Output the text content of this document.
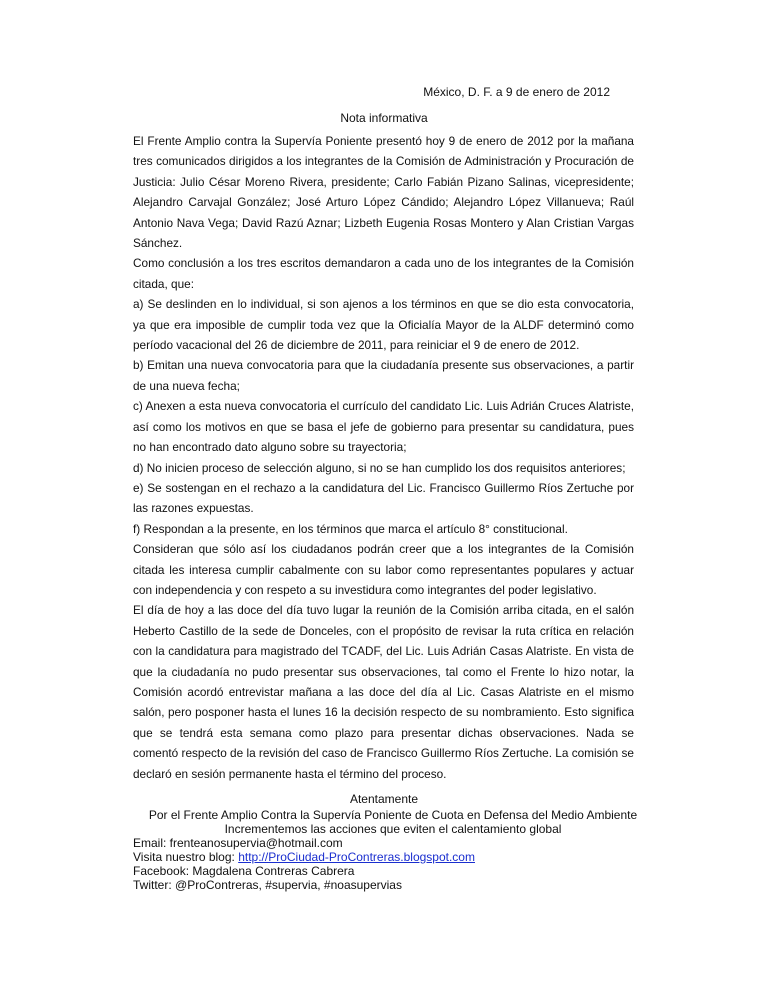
México, D. F. a 9 de enero de 2012
Nota informativa

El Frente Amplio contra la Supervía Poniente presentó hoy 9 de enero de 2012 por la mañana tres comunicados dirigidos a los integrantes de la Comisión de Administración y Procuración de Justicia: Julio César Moreno Rivera, presidente; Carlo Fabián Pizano Salinas, vicepresidente; Alejandro Carvajal González; José Arturo López Cándido; Alejandro López Villanueva; Raúl Antonio Nava Vega; David Razú Aznar; Lizbeth Eugenia Rosas Montero y Alan Cristian Vargas Sánchez.

Como conclusión a los tres escritos demandaron a cada uno de los integrantes de la Comisión citada, que:

a) Se deslinden en lo individual, si son ajenos a los términos en que se dio esta convocatoria, ya que era imposible de cumplir toda vez que la Oficialía Mayor de la ALDF determinó como período vacacional del 26 de diciembre de 2011, para reiniciar el 9 de enero de 2012.

b) Emitan una nueva convocatoria para que la ciudadanía presente sus observaciones, a partir de una nueva fecha;

c) Anexen a esta nueva convocatoria el currículo del candidato Lic. Luis Adrián Cruces Alatriste, así como los motivos en que se basa el jefe de gobierno para presentar su candidatura, pues no han encontrado dato alguno sobre su trayectoria;

d) No inicien proceso de selección alguno, si no se han cumplido los dos requisitos anteriores;

e) Se sostengan en el rechazo a la candidatura del Lic. Francisco Guillermo Ríos Zertuche por las razones expuestas.

f) Respondan a la presente, en los términos que marca el artículo 8° constitucional.

Consideran que sólo así los ciudadanos podrán creer que a los integrantes de la Comisión citada les interesa cumplir cabalmente con su labor como representantes populares y actuar con independencia y con respeto a su investidura como integrantes del poder legislativo.

El día de hoy a las doce del día tuvo lugar la reunión de la Comisión arriba citada, en el salón Heberto Castillo de la sede de Donceles, con el propósito de revisar la ruta crítica en relación con la candidatura para magistrado del TCADF, del Lic. Luis Adrián Casas Alatriste. En vista de que la ciudadanía no pudo presentar sus observaciones, tal como el Frente lo hizo notar, la Comisión acordó entrevistar mañana a las doce del día al Lic. Casas Alatriste en el mismo salón, pero posponer hasta el lunes 16 la decisión respecto de su nombramiento. Esto significa que se tendrá esta semana como plazo para presentar dichas observaciones. Nada se comentó respecto de la revisión del caso de Francisco Guillermo Ríos Zertuche. La comisión se declaró en sesión permanente hasta el término del proceso.

Atentamente
Por el Frente Amplio Contra la Supervía Poniente de Cuota en Defensa del Medio Ambiente
Incrementemos las acciones que eviten el calentamiento global
Email: frenteanosupervia@hotmail.com
Visita nuestro blog: http://ProCiudad-ProContreras.blogspot.com
Facebook: Magdalena Contreras Cabrera
Twitter: @ProContreras, #supervia, #noasupervias
